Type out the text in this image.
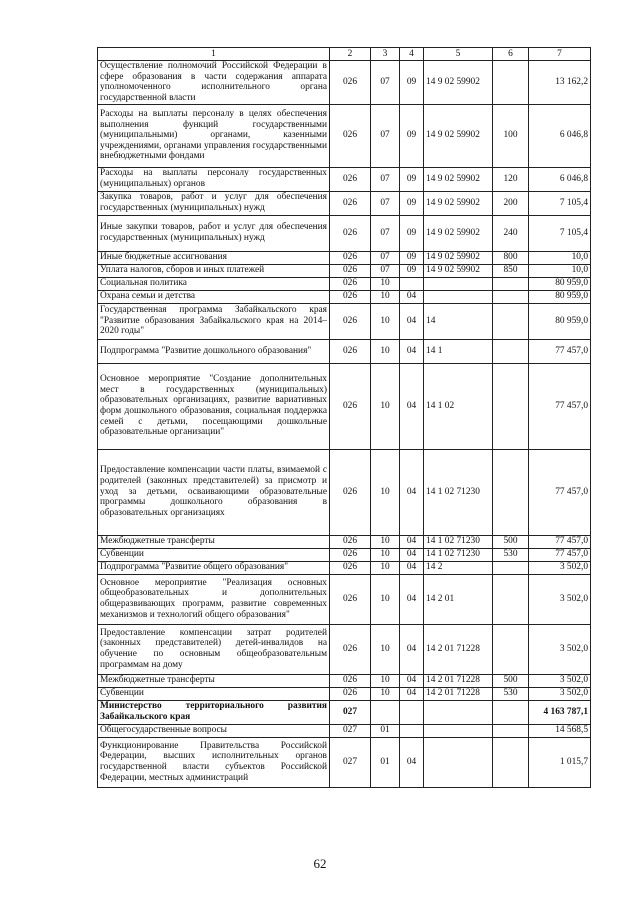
1	2	3	4	5	6	7
Осуществление полномочий Российской Федерации в сфере образования в части содержания аппарата уполномоченного исполнительного органа государственной власти	026	07	09	14 9 02 59902		13 162,2
Расходы на выплаты персоналу в целях обеспечения выполнения функций государственными (муниципальными) органами, казенными учреждениями, органами управления государственными внебюджетными фондами	026	07	09	14 9 02 59902	100	6 046,8
Расходы на выплаты персоналу государственных (муниципальных) органов	026	07	09	14 9 02 59902	120	6 046,8
Закупка товаров, работ и услуг для обеспечения государственных (муниципальных) нужд	026	07	09	14 9 02 59902	200	7 105,4
Иные закупки товаров, работ и услуг для обеспечения государственных (муниципальных) нужд	026	07	09	14 9 02 59902	240	7 105,4
Иные бюджетные ассигнования	026	07	09	14 9 02 59902	800	10,0
Уплата налогов, сборов и иных платежей	026	07	09	14 9 02 59902	850	10,0
Социальная политика	026	10				80 959,0
Охрана семьи и детства	026	10	04			80 959,0
Государственная программа Забайкальского края "Развитие образования Забайкальского края на 2014–2020 годы"	026	10	04	14		80 959,0
Подпрограмма "Развитие дошкольного образования"	026	10	04	14 1		77 457,0
Основное мероприятие "Создание дополнительных мест в государственных (муниципальных) образовательных организациях, развитие вариативных форм дошкольного образования, социальная поддержка семей с детьми, посещающими дошкольные образовательные организации"	026	10	04	14 1 02		77 457,0
Предоставление компенсации части платы, взимаемой с родителей (законных представителей) за присмотр и уход за детьми, осваивающими образовательные программы дошкольного образования в образовательных организациях	026	10	04	14 1 02 71230		77 457,0
Межбюджетные трансферты	026	10	04	14 1 02 71230	500	77 457,0
Субвенции	026	10	04	14 1 02 71230	530	77 457,0
Подпрограмма "Развитие общего образования"	026	10	04	14 2		3 502,0
Основное мероприятие "Реализация основных общеобразовательных и дополнительных общеразвивающих программ, развитие современных механизмов и технологий общего образования"	026	10	04	14 2 01		3 502,0
Предоставление компенсации затрат родителей (законных представителей) детей-инвалидов на обучение по основным общеобразовательным программам на дому	026	10	04	14 2 01 71228		3 502,0
Межбюджетные трансферты	026	10	04	14 2 01 71228	500	3 502,0
Субвенции	026	10	04	14 2 01 71228	530	3 502,0
Министерство территориального развития Забайкальского края	027					4 163 787,1
Общегосударственные вопросы	027	01				14 568,5
Функционирование Правительства Российской Федерации, высших исполнительных органов государственной власти субъектов Российской Федерации, местных администраций	027	01	04			1 015,7
62
